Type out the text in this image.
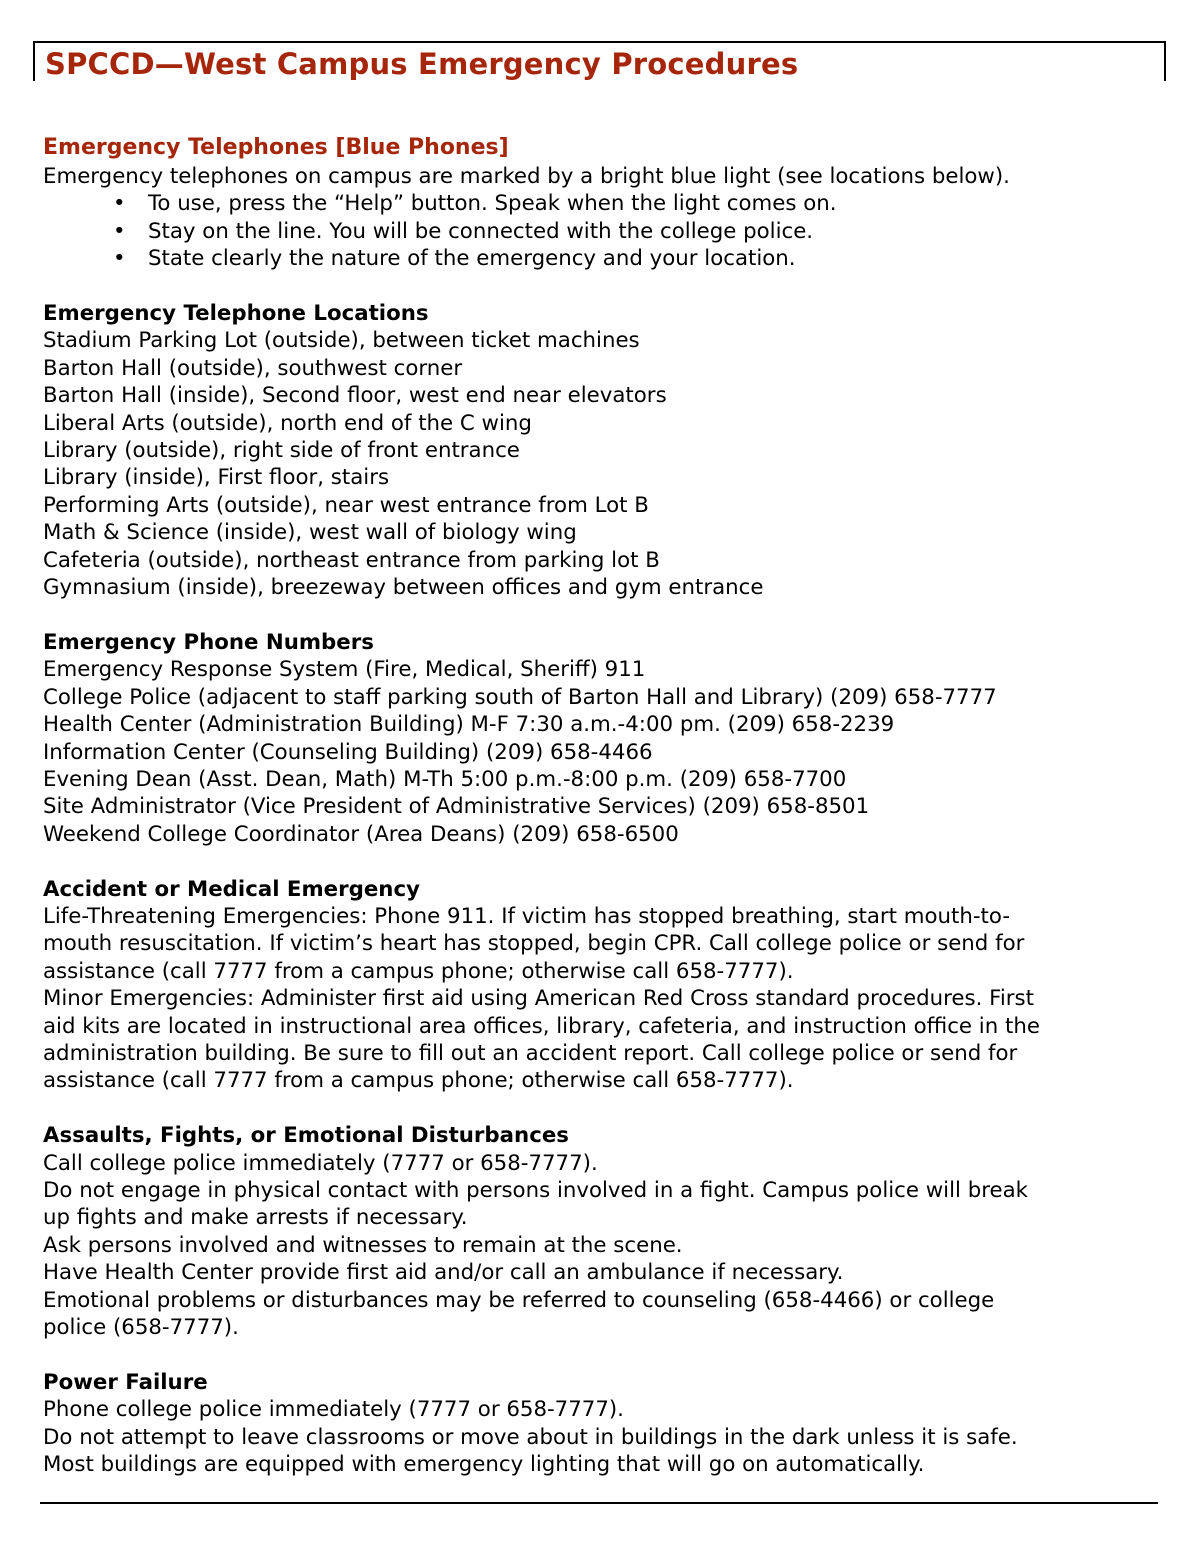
SPCCD—West Campus Emergency Procedures
Emergency Telephones [Blue Phones]
Emergency telephones on campus are marked by a bright blue light (see locations below).
• To use, press the “Help” button. Speak when the light comes on.
• Stay on the line. You will be connected with the college police.
• State clearly the nature of the emergency and your location.
Emergency Telephone Locations
Stadium Parking Lot (outside), between ticket machines
Barton Hall (outside), southwest corner
Barton Hall (inside), Second floor, west end near elevators
Liberal Arts (outside), north end of the C wing
Library (outside), right side of front entrance
Library (inside), First floor, stairs
Performing Arts (outside), near west entrance from Lot B
Math & Science (inside), west wall of biology wing
Cafeteria (outside), northeast entrance from parking lot B
Gymnasium (inside), breezeway between offices and gym entrance
Emergency Phone Numbers
Emergency Response System (Fire, Medical, Sheriff) 911
College Police (adjacent to staff parking south of Barton Hall and Library) (209) 658-7777
Health Center (Administration Building) M-F 7:30 a.m.-4:00 pm. (209) 658-2239
Information Center (Counseling Building) (209) 658-4466
Evening Dean (Asst. Dean, Math) M-Th 5:00 p.m.-8:00 p.m. (209) 658-7700
Site Administrator (Vice President of Administrative Services) (209) 658-8501
Weekend College Coordinator (Area Deans) (209) 658-6500
Accident or Medical Emergency
Life-Threatening Emergencies: Phone 911. If victim has stopped breathing, start mouth-to-
mouth resuscitation. If victim’s heart has stopped, begin CPR. Call college police or send for
assistance (call 7777 from a campus phone; otherwise call 658-7777).
Minor Emergencies: Administer first aid using American Red Cross standard procedures. First
aid kits are located in instructional area offices, library, cafeteria, and instruction office in the
administration building. Be sure to fill out an accident report. Call college police or send for
assistance (call 7777 from a campus phone; otherwise call 658-7777).
Assaults, Fights, or Emotional Disturbances
Call college police immediately (7777 or 658-7777).
Do not engage in physical contact with persons involved in a fight. Campus police will break
up fights and make arrests if necessary.
Ask persons involved and witnesses to remain at the scene.
Have Health Center provide first aid and/or call an ambulance if necessary.
Emotional problems or disturbances may be referred to counseling (658-4466) or college
police (658-7777).
Power Failure
Phone college police immediately (7777 or 658-7777).
Do not attempt to leave classrooms or move about in buildings in the dark unless it is safe.
Most buildings are equipped with emergency lighting that will go on automatically.
